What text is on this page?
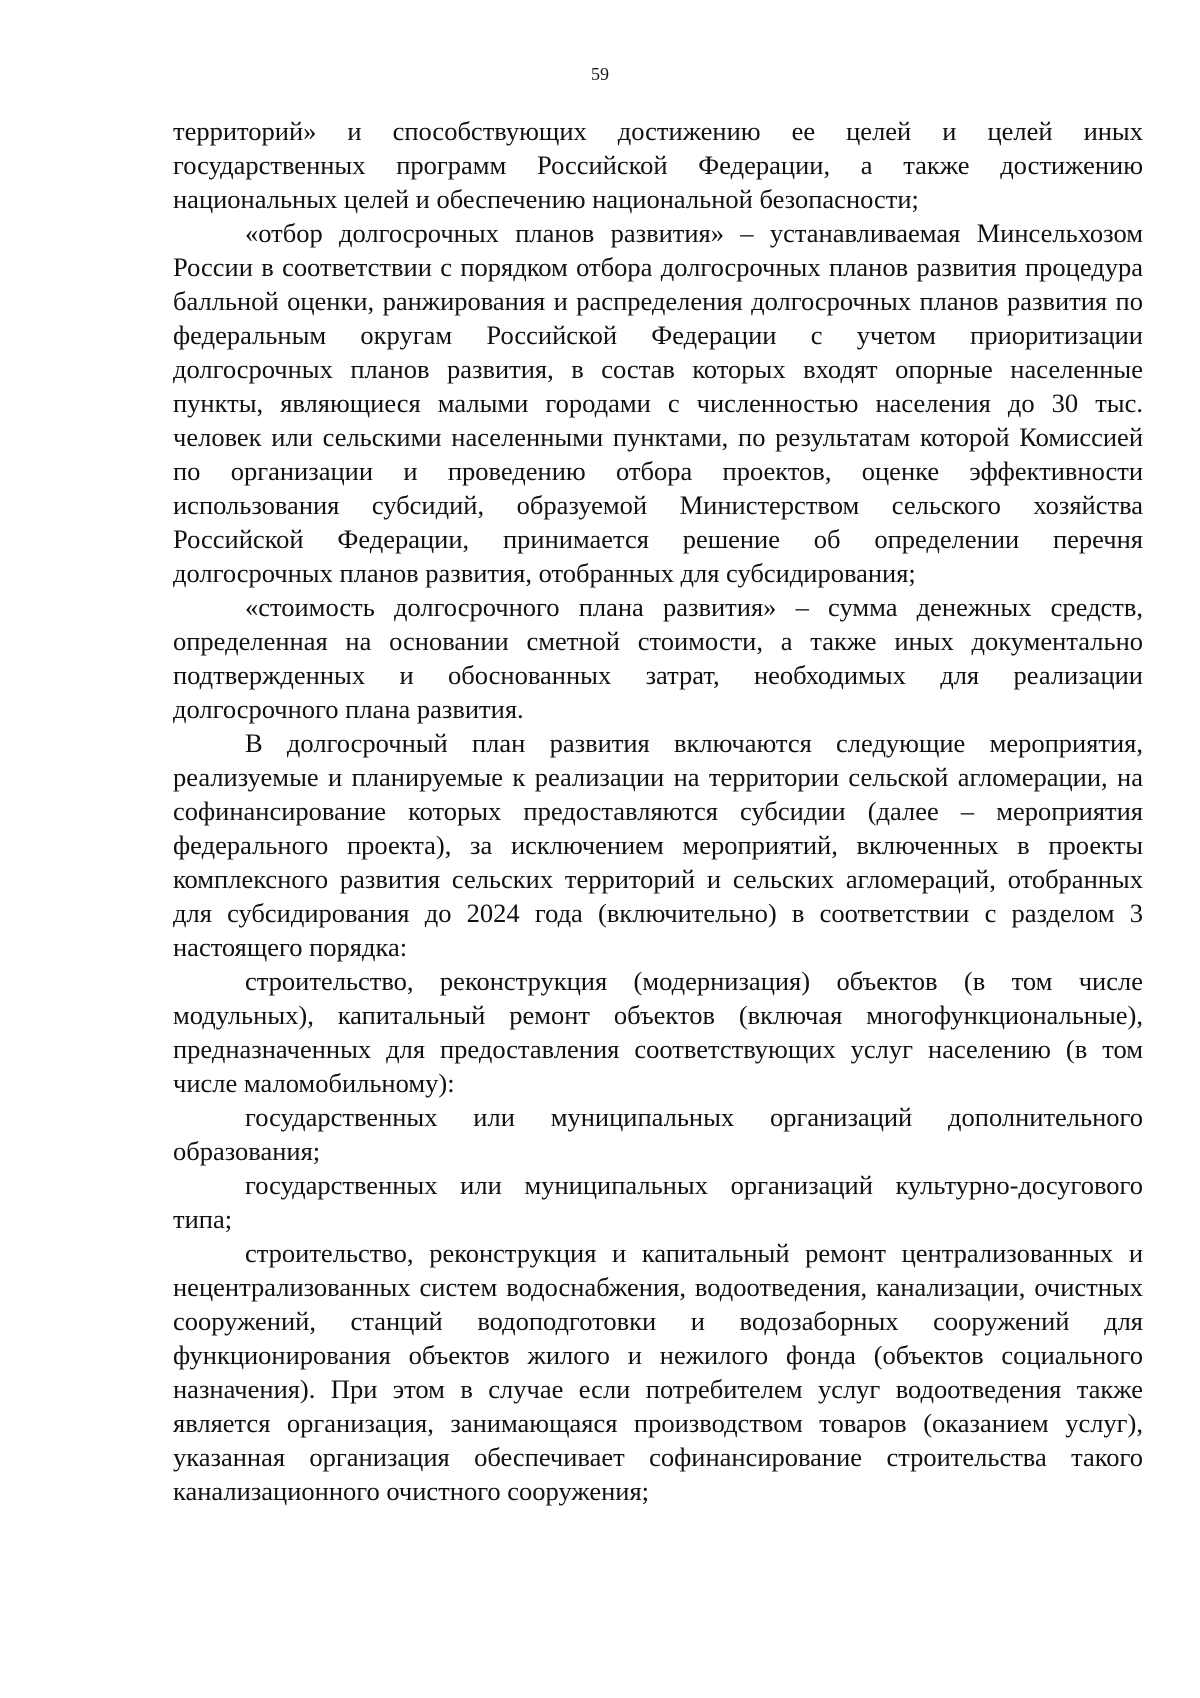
59

территорий» и способствующих достижению ее целей и целей иных государственных программ Российской Федерации, а также достижению национальных целей и обеспечению национальной безопасности;

«отбор долгосрочных планов развития» – устанавливаемая Минсельхозом России в соответствии с порядком отбора долгосрочных планов развития процедура балльной оценки, ранжирования и распределения долгосрочных планов развития по федеральным округам Российской Федерации с учетом приоритизации долгосрочных планов развития, в состав которых входят опорные населенные пункты, являющиеся малыми городами с численностью населения до 30 тыс. человек или сельскими населенными пунктами, по результатам которой Комиссией по организации и проведению отбора проектов, оценке эффективности использования субсидий, образуемой Министерством сельского хозяйства Российской Федерации, принимается решение об определении перечня долгосрочных планов развития, отобранных для субсидирования;

«стоимость долгосрочного плана развития» – сумма денежных средств, определенная на основании сметной стоимости, а также иных документально подтвержденных и обоснованных затрат, необходимых для реализации долгосрочного плана развития.

В долгосрочный план развития включаются следующие мероприятия, реализуемые и планируемые к реализации на территории сельской агломерации, на софинансирование которых предоставляются субсидии (далее – мероприятия федерального проекта), за исключением мероприятий, включенных в проекты комплексного развития сельских территорий и сельских агломераций, отобранных для субсидирования до 2024 года (включительно) в соответствии с разделом 3 настоящего порядка:

строительство, реконструкция (модернизация) объектов (в том числе модульных), капитальный ремонт объектов (включая многофункциональные), предназначенных для предоставления соответствующих услуг населению (в том числе маломобильному):

государственных или муниципальных организаций дополнительного образования;

государственных или муниципальных организаций культурно-досугового типа;

строительство, реконструкция и капитальный ремонт централизованных и нецентрализованных систем водоснабжения, водоотведения, канализации, очистных сооружений, станций водоподготовки и водозаборных сооружений для функционирования объектов жилого и нежилого фонда (объектов социального назначения). При этом в случае если потребителем услуг водоотведения также является организация, занимающаяся производством товаров (оказанием услуг), указанная организация обеспечивает софинансирование строительства такого канализационного очистного сооружения;
